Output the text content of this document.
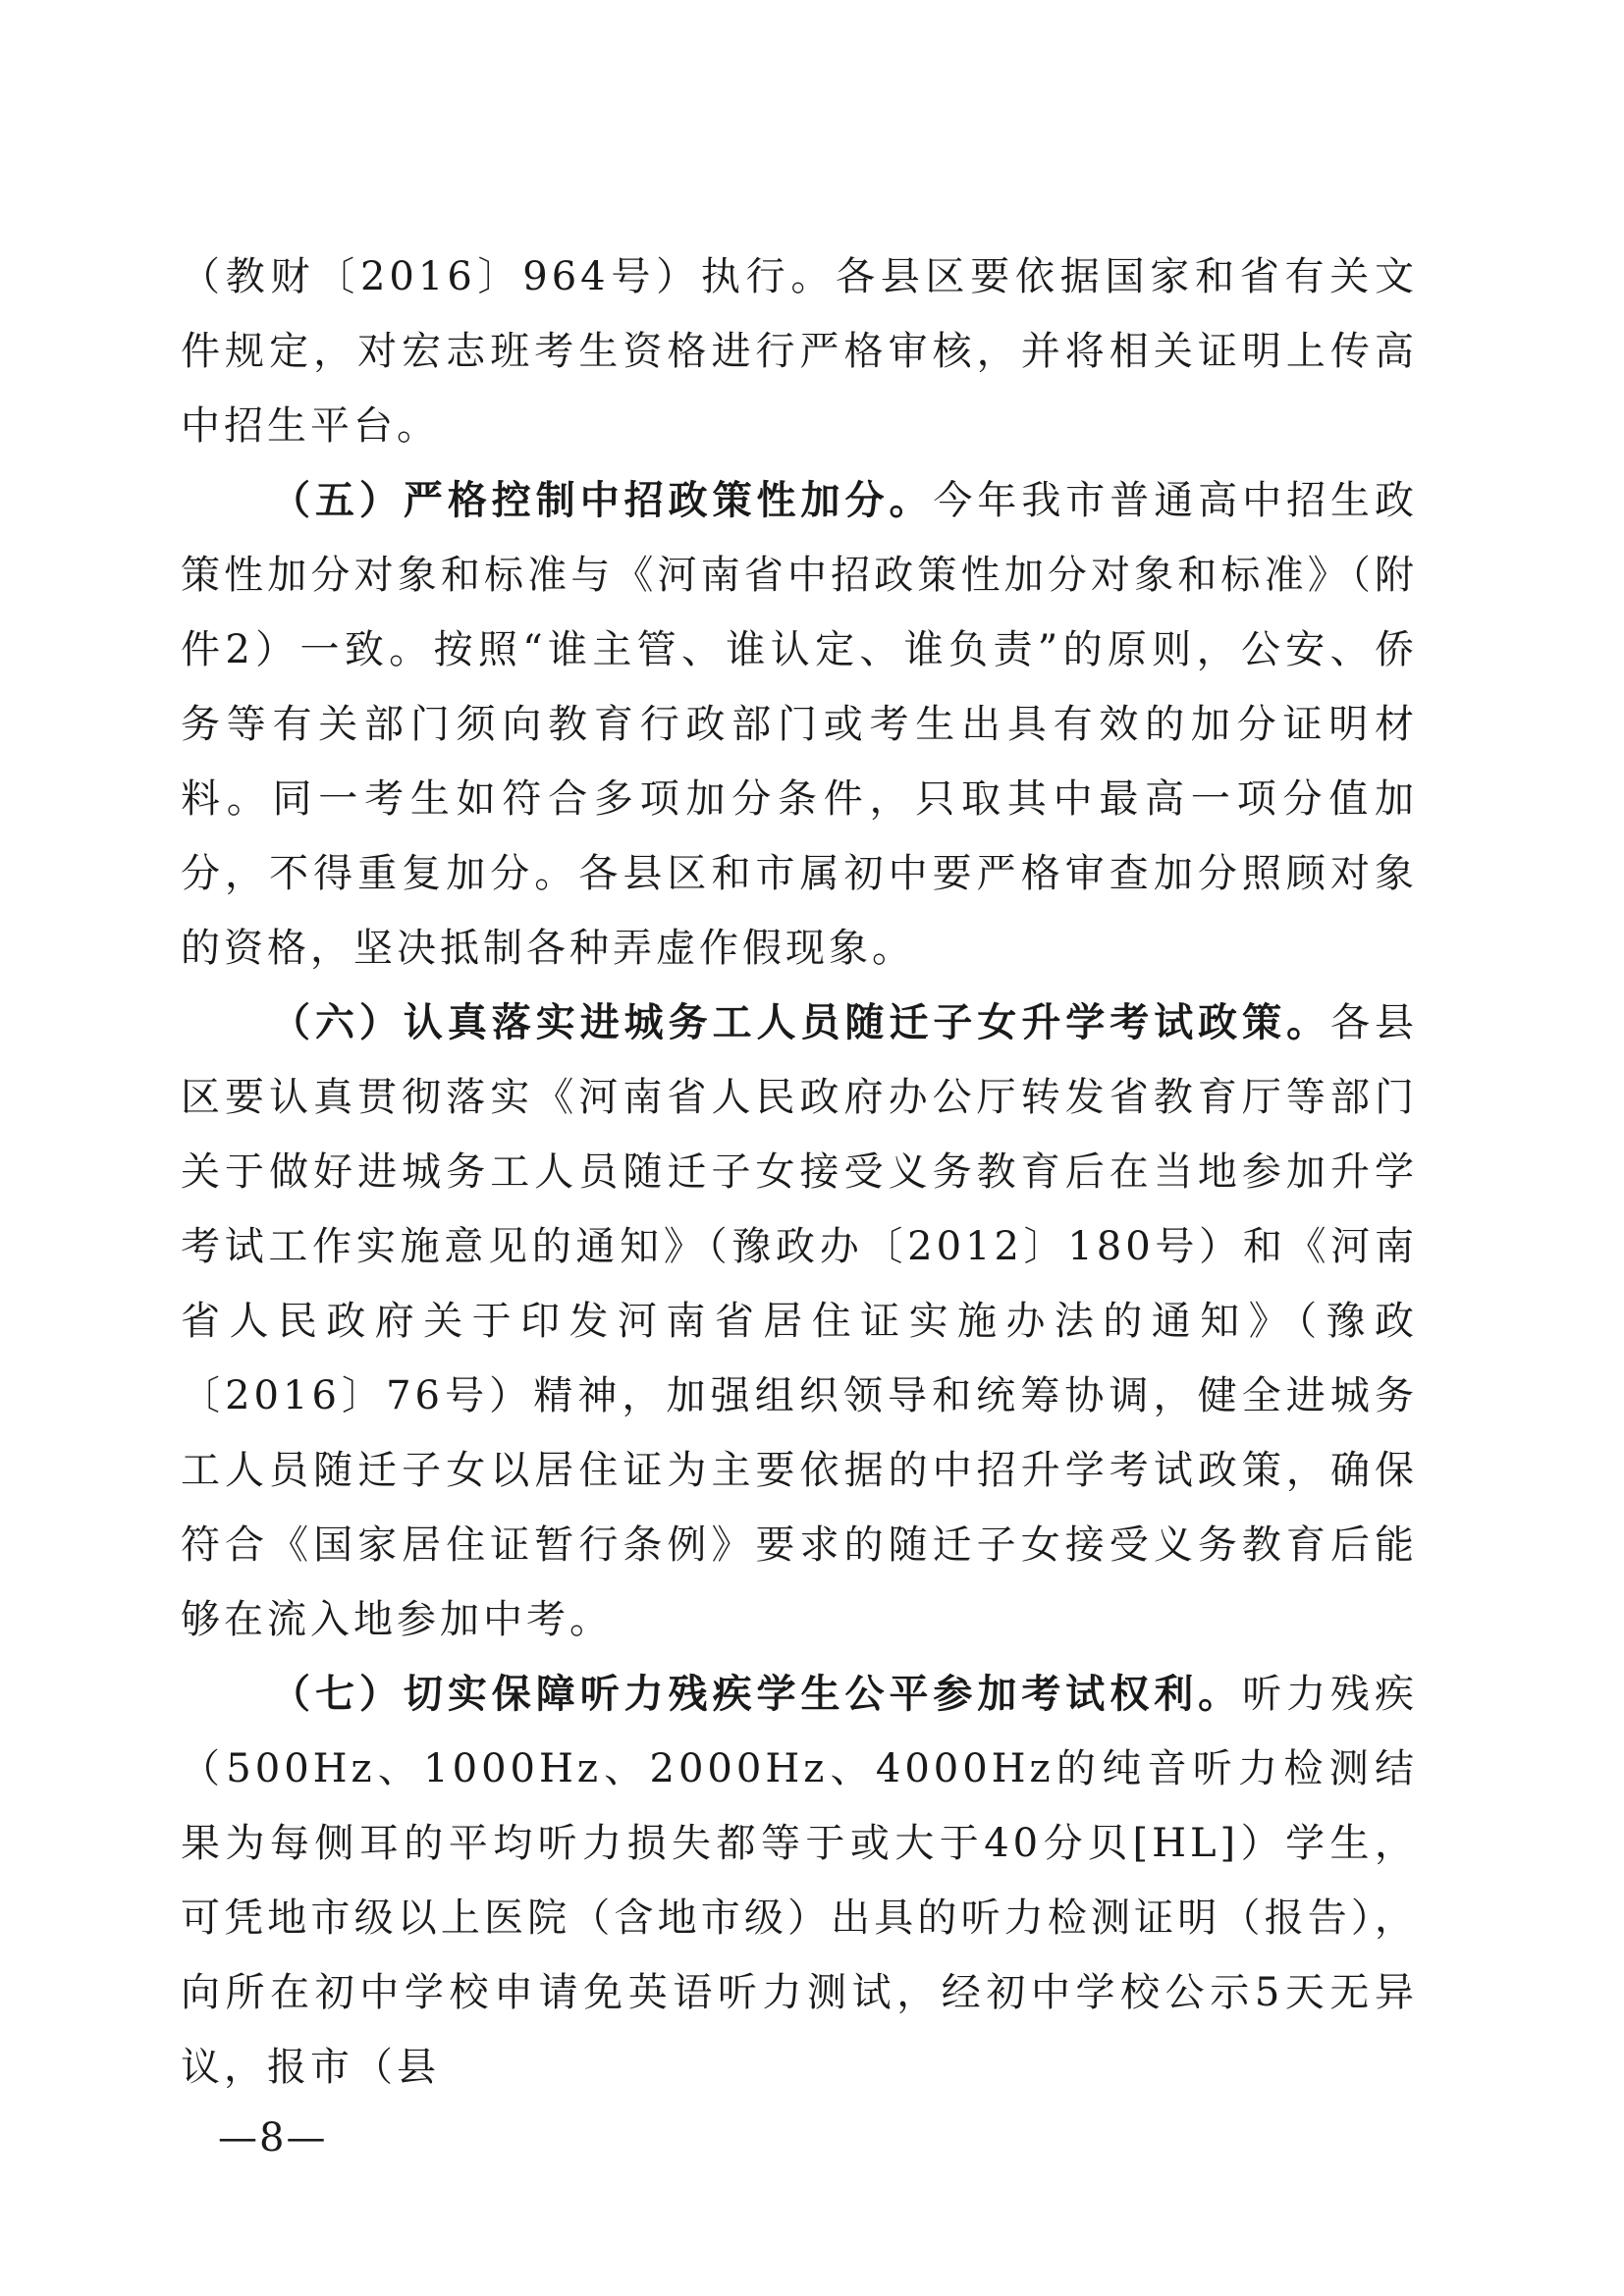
（教财〔2016〕964号）执行。各县区要依据国家和省有关文件规定，对宏志班考生资格进行严格审核，并将相关证明上传高中招生平台。

（五）严格控制中招政策性加分。今年我市普通高中招生政策性加分对象和标准与《河南省中招政策性加分对象和标准》（附件2）一致。按照“谁主管、谁认定、谁负责”的原则，公安、侨务等有关部门须向教育行政部门或考生出具有效的加分证明材料。同一考生如符合多项加分条件，只取其中最高一项分值加分，不得重复加分。各县区和市属初中要严格审查加分照顾对象的资格，坚决抵制各种弄虚作假现象。

（六）认真落实进城务工人员随迁子女升学考试政策。各县区要认真贯彻落实《河南省人民政府办公厅转发省教育厅等部门关于做好进城务工人员随迁子女接受义务教育后在当地参加升学考试工作实施意见的通知》（豫政办〔2012〕180号）和《河南省人民政府关于印发河南省居住证实施办法的通知》（豫政〔2016〕76号）精神，加强组织领导和统筹协调，健全进城务工人员随迁子女以居住证为主要依据的中招升学考试政策，确保符合《国家居住证暂行条例》要求的随迁子女接受义务教育后能够在流入地参加中考。

（七）切实保障听力残疾学生公平参加考试权利。听力残疾（500Hz、1000Hz、2000Hz、4000Hz的纯音听力检测结果为每侧耳的平均听力损失都等于或大于40分贝[HL]）学生，可凭地市级以上医院（含地市级）出具的听力检测证明（报告），向所在初中学校申请免英语听力测试，经初中学校公示5天无异议，报市（县

—8—
